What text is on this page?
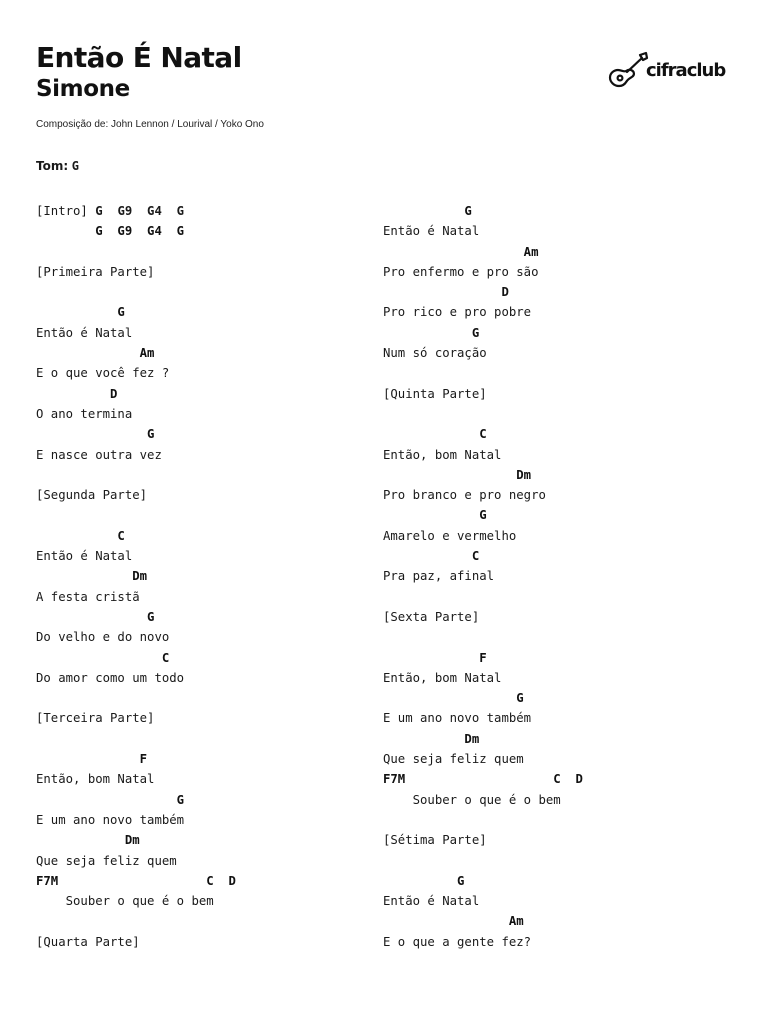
Então É Natal
Simone
Composição de: John Lennon / Lourival / Yoko Ono
Tom: G
cifraclub
[Intro] G  G9  G4  G
G  G9  G4  G

[Primeira Parte]

G
Então é Natal
Am
E o que você fez ?
D
O ano termina
G
E nasce outra vez

[Segunda Parte]

C
Então é Natal
Dm
A festa cristã
G
Do velho e do novo
C
Do amor como um todo

[Terceira Parte]

F
Então, bom Natal
G
E um ano novo também
Dm
Que seja feliz quem
F7M                    C  D
Souber o que é o bem

[Quarta Parte]
G
Então é Natal
Am
Pro enfermo e pro são
D
Pro rico e pro pobre
G
Num só coração

[Quinta Parte]

C
Então, bom Natal
Dm
Pro branco e pro negro
G
Amarelo e vermelho
C
Pra paz, afinal

[Sexta Parte]

F
Então, bom Natal
G
E um ano novo também
Dm
Que seja feliz quem
F7M                    C  D
Souber o que é o bem

[Sétima Parte]

G
Então é Natal
Am
E o que a gente fez?
